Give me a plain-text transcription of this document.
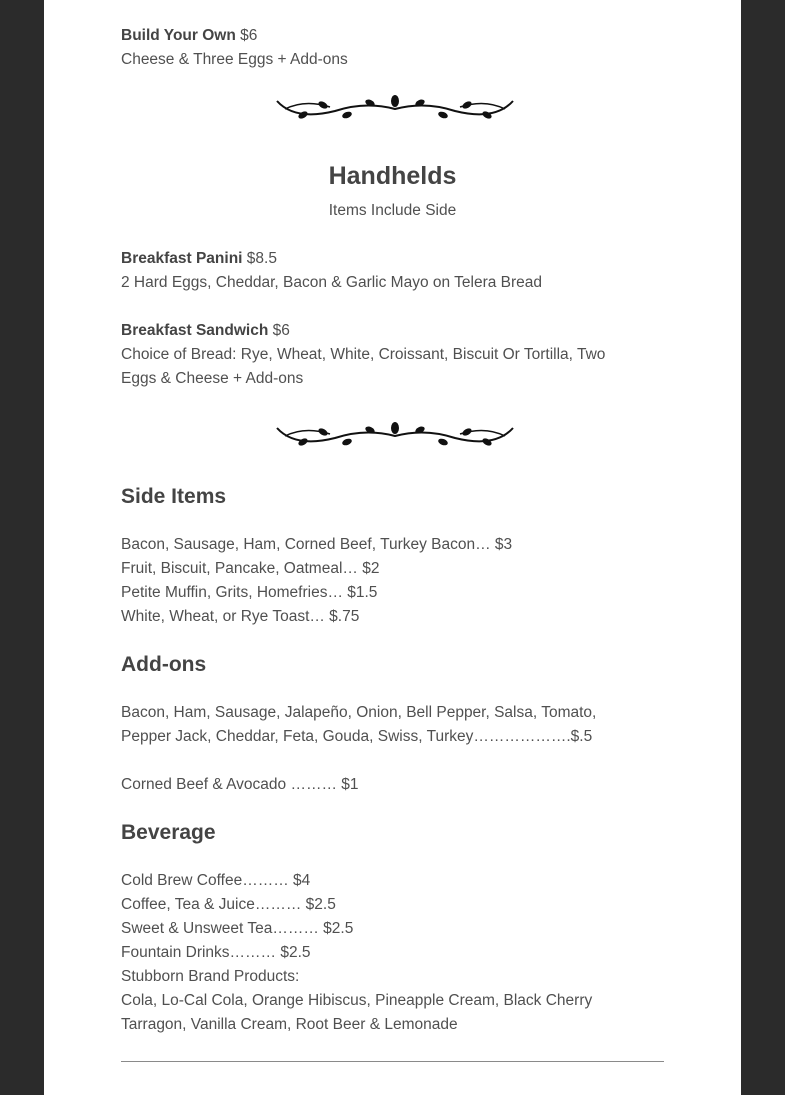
Build Your Own $6
Cheese & Three Eggs + Add-ons
Handhelds
Items Include Side
Breakfast Panini $8.5
2 Hard Eggs, Cheddar, Bacon & Garlic Mayo on Telera Bread
Breakfast Sandwich $6
Choice of Bread: Rye, Wheat, White, Croissant, Biscuit Or Tortilla, Two
Eggs & Cheese + Add-ons
Side Items
Bacon, Sausage, Ham, Corned Beef, Turkey Bacon… $3
Fruit, Biscuit, Pancake, Oatmeal… $2
Petite Muffin, Grits, Homefries… $1.5
White, Wheat, or Rye Toast… $.75
Add-ons
Bacon, Ham, Sausage, Jalapeño, Onion, Bell Pepper, Salsa, Tomato,
Pepper Jack, Cheddar, Feta, Gouda, Swiss, Turkey……………….$.5
Corned Beef & Avocado ……… $1
Beverage
Cold Brew Coffee……… $4
Coffee, Tea & Juice……… $2.5
Sweet & Unsweet Tea……… $2.5
Fountain Drinks……… $2.5
Stubborn Brand Products:
Cola, Lo-Cal Cola, Orange Hibiscus, Pineapple Cream, Black Cherry
Tarragon, Vanilla Cream, Root Beer & Lemonade
